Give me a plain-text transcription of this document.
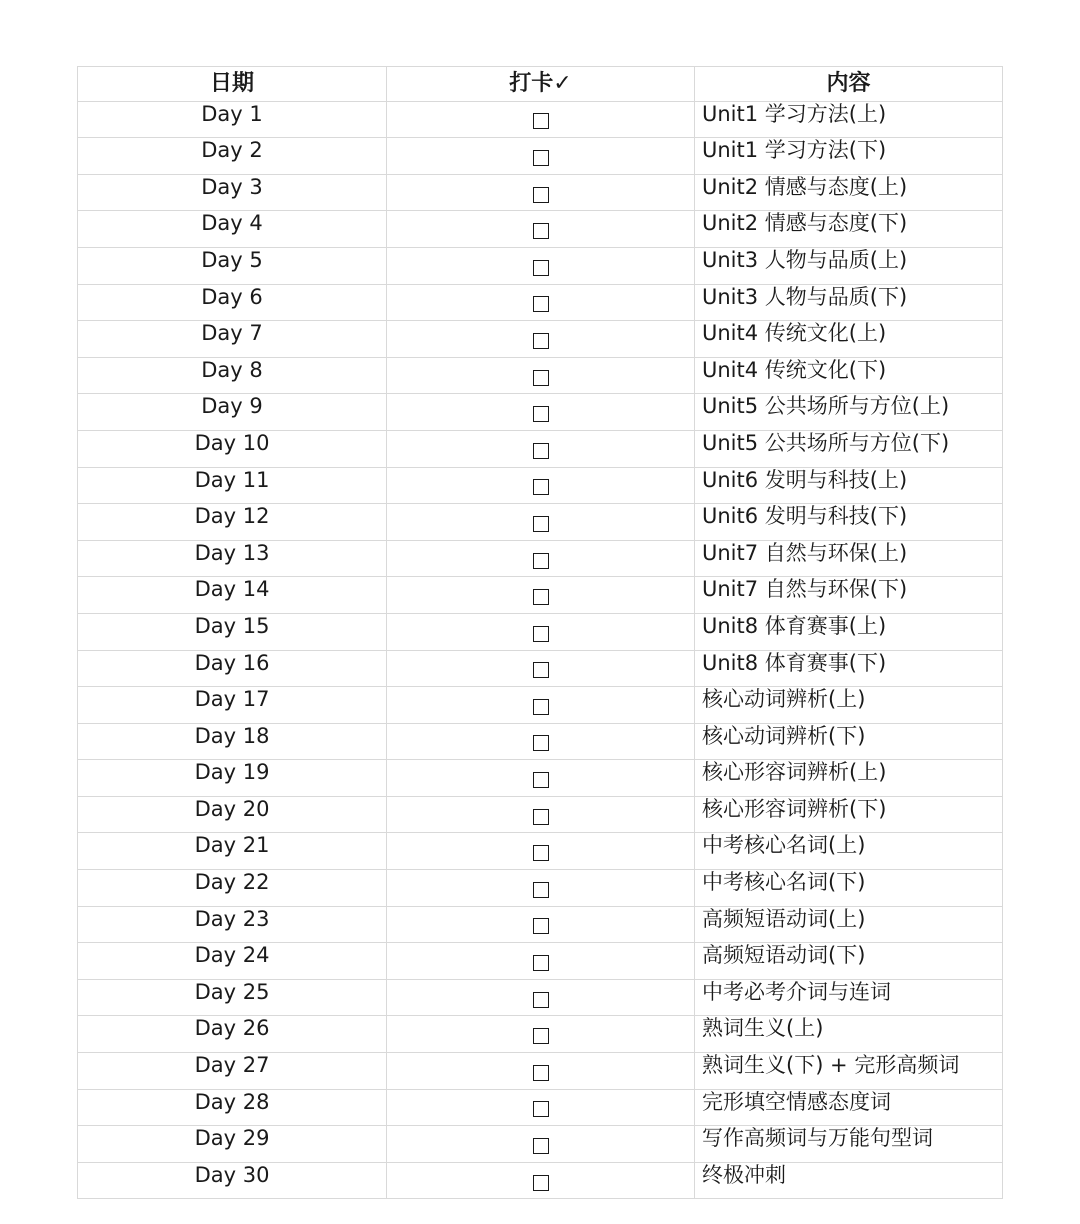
日期	打卡✓	内容
Day 1		Unit1 学习方法(上)
Day 2		Unit1 学习方法(下)
Day 3		Unit2 情感与态度(上)
Day 4		Unit2 情感与态度(下)
Day 5		Unit3 人物与品质(上)
Day 6		Unit3 人物与品质(下)
Day 7		Unit4 传统文化(上)
Day 8		Unit4 传统文化(下)
Day 9		Unit5 公共场所与方位(上)
Day 10		Unit5 公共场所与方位(下)
Day 11		Unit6 发明与科技(上)
Day 12		Unit6 发明与科技(下)
Day 13		Unit7 自然与环保(上)
Day 14		Unit7 自然与环保(下)
Day 15		Unit8 体育赛事(上)
Day 16		Unit8 体育赛事(下)
Day 17		核心动词辨析(上)
Day 18		核心动词辨析(下)
Day 19		核心形容词辨析(上)
Day 20		核心形容词辨析(下)
Day 21		中考核心名词(上)
Day 22		中考核心名词(下)
Day 23		高频短语动词(上)
Day 24		高频短语动词(下)
Day 25		中考必考介词与连词
Day 26		熟词生义(上)
Day 27		熟词生义(下) + 完形高频词
Day 28		完形填空情感态度词
Day 29		写作高频词与万能句型词
Day 30		终极冲刺
